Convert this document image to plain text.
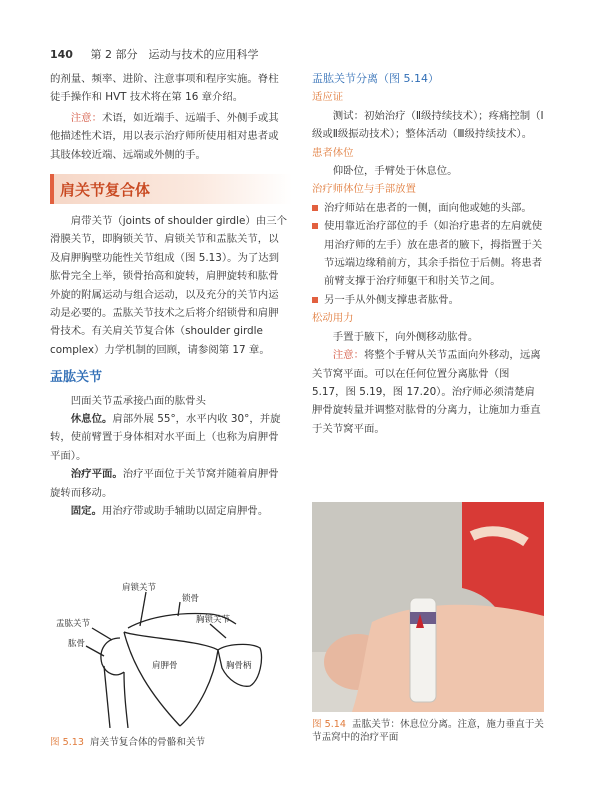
140 第 2 部分　运动与技术的应用科学

的剂量、频率、进阶、注意事项和程序实施。脊柱徒手操作和 HVT 技术将在第 16 章介绍。

注意：术语，如近端手、远端手、外侧手或其他描述性术语，用以表示治疗师所使用相对患者或其肢体较近端、远端或外侧的手。

肩关节复合体

肩带关节（joints of shoulder girdle）由三个滑膜关节，即胸锁关节、肩锁关节和盂肱关节，以及肩胛胸壁功能性关节组成（图 5.13）。为了达到肱骨完全上举，锁骨抬高和旋转，肩胛旋转和肱骨外旋的附属运动与组合运动，以及充分的关节内运动是必要的。盂肱关节技术之后将介绍锁骨和肩胛骨技术。有关肩关节复合体（shoulder girdle complex）力学机制的回顾，请参阅第 17 章。

盂肱关节

凹面关节盂承接凸面的肱骨头

休息位。肩部外展 55°，水平内收 30°，并旋转，使前臂置于身体相对水平面上（也称为肩胛骨平面）。

治疗平面。治疗平面位于关节窝并随着肩胛骨旋转而移动。

固定。用治疗带或助手辅助以固定肩胛骨。

盂肱关节分离（图 5.14）
适应证

测试：初始治疗（Ⅱ级持续技术）；疼痛控制（Ⅰ级或Ⅱ级振动技术）；整体活动（Ⅲ级持续技术）。

患者体位

仰卧位，手臂处于休息位。

治疗师体位与手部放置
治疗师站在患者的一侧，面向他或她的头部。
使用靠近治疗部位的手（如治疗患者的左肩就使用治疗师的左手）放在患者的腋下，拇指置于关节远端边缘稍前方，其余手指位于后侧。将患者前臂支撑于治疗师躯干和肘关节之间。
另一手从外侧支撑患者肱骨。
松动用力

手置于腋下，向外侧移动肱骨。

注意：将整个手臂从关节盂面向外移动，远离关节窝平面。可以在任何位置分离肱骨（图 5.17，图 5.19，图 17.20）。治疗师必须清楚肩胛骨旋转量并调整对肱骨的分离力，让施加力垂直于关节窝平面。

肩锁关节
锁骨
盂肱关节	胸锁关节
肱骨
肩胛骨	胸骨柄
图 5.13 肩关节复合体的骨骼和关节
图 5.14 盂肱关节：休息位分离。注意，施力垂直于关节盂窝中的治疗平面
